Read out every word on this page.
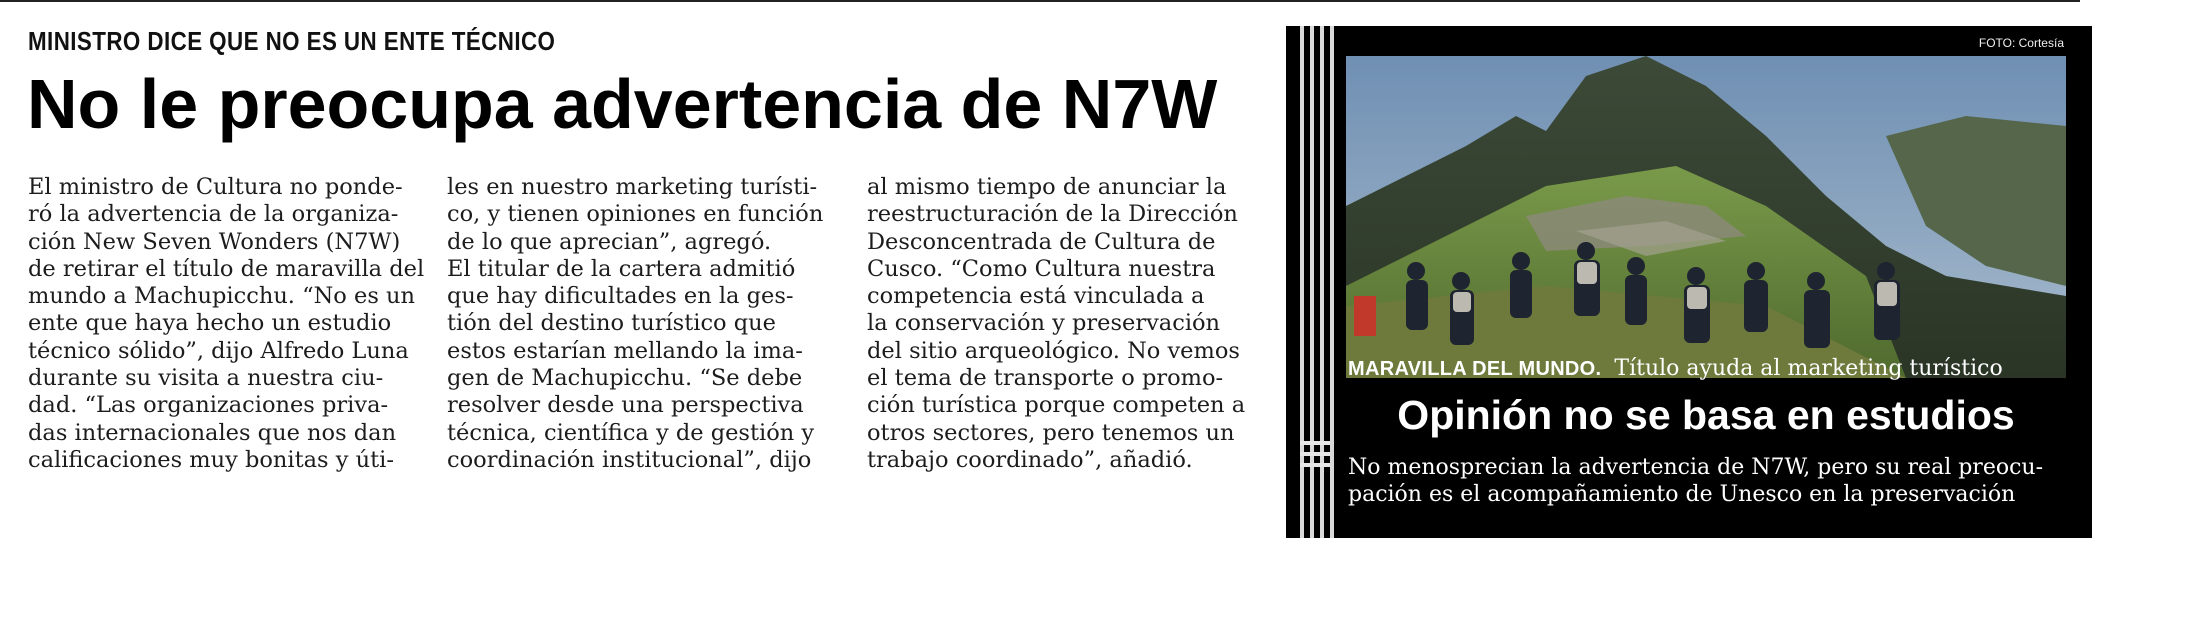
MINISTRO DICE QUE NO ES UN ENTE TÉCNICO
No le preocupa advertencia de N7W

El ministro de Cultura no ponde-

ró la advertencia de la organiza-

ción New Seven Wonders (N7W)

de retirar el título de maravilla del

mundo a Machupicchu. “No es un

ente que haya hecho un estudio

técnico sólido”, dijo Alfredo Luna

durante su visita a nuestra ciu-

dad. “Las organizaciones priva-

das internacionales que nos dan

calificaciones muy bonitas y úti-

les en nuestro marketing turísti-

co, y tienen opiniones en función

de lo que aprecian”, agregó.

El titular de la cartera admitió

que hay dificultades en la ges-

tión del destino turístico que

estos estarían mellando la ima-

gen de Machupicchu. “Se debe

resolver desde una perspectiva

técnica, científica y de gestión y

coordinación institucional”, dijo

al mismo tiempo de anunciar la

reestructuración de la Dirección

Desconcentrada de Cultura de

Cusco. “Como Cultura nuestra

competencia está vinculada a

la conservación y preservación

del sitio arqueológico. No vemos

el tema de transporte o promo-

ción turística porque competen a

otros sectores, pero tenemos un

trabajo coordinado”, añadió.

FOTO: Cortesía
MARAVILLA DEL MUNDO. Título ayuda al marketing turístico
Opinión no se basa en estudios

No menosprecian la advertencia de N7W, pero su real preocu-

pación es el acompañamiento de Unesco en la preservación
